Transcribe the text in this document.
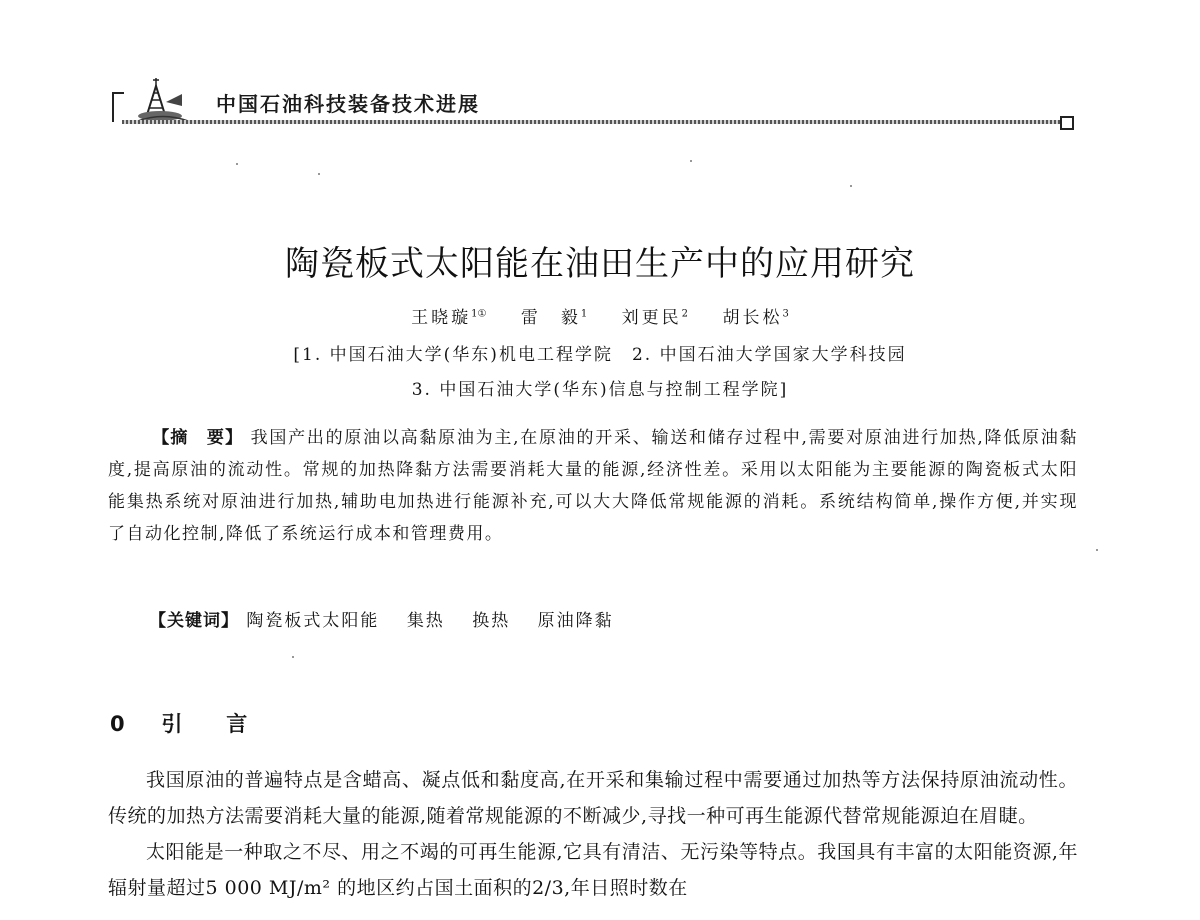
中国石油科技装备技术进展
陶瓷板式太阳能在油田生产中的应用研究
王晓璇$^{1①}$ 雷　毅$^1$ 刘更民$^2$ 胡长松$^3$
[1. 中国石油大学(华东)机电工程学院　2. 中国石油大学国家大学科技园
3. 中国石油大学(华东)信息与控制工程学院]
【摘　要】 我国产出的原油以高黏原油为主,在原油的开采、输送和储存过程中,需要对原油进行加热,降低原油黏度,提高原油的流动性。常规的加热降黏方法需要消耗大量的能源,经济性差。采用以太阳能为主要能源的陶瓷板式太阳能集热系统对原油进行加热,辅助电加热进行能源补充,可以大大降低常规能源的消耗。系统结构简单,操作方便,并实现了自动化控制,降低了系统运行成本和管理费用。
【关键词】 陶瓷板式太阳能 集热 换热 原油降黏
0 引言

我国原油的普遍特点是含蜡高、凝点低和黏度高,在开采和集输过程中需要通过加热等方法保持原油流动性。传统的加热方法需要消耗大量的能源,随着常规能源的不断减少,寻找一种可再生能源代替常规能源迫在眉睫。

太阳能是一种取之不尽、用之不竭的可再生能源,它具有清洁、无污染等特点。我国具有丰富的太阳能资源,年辐射量超过5 000 MJ/m² 的地区约占国土面积的2/3,年日照时数在
